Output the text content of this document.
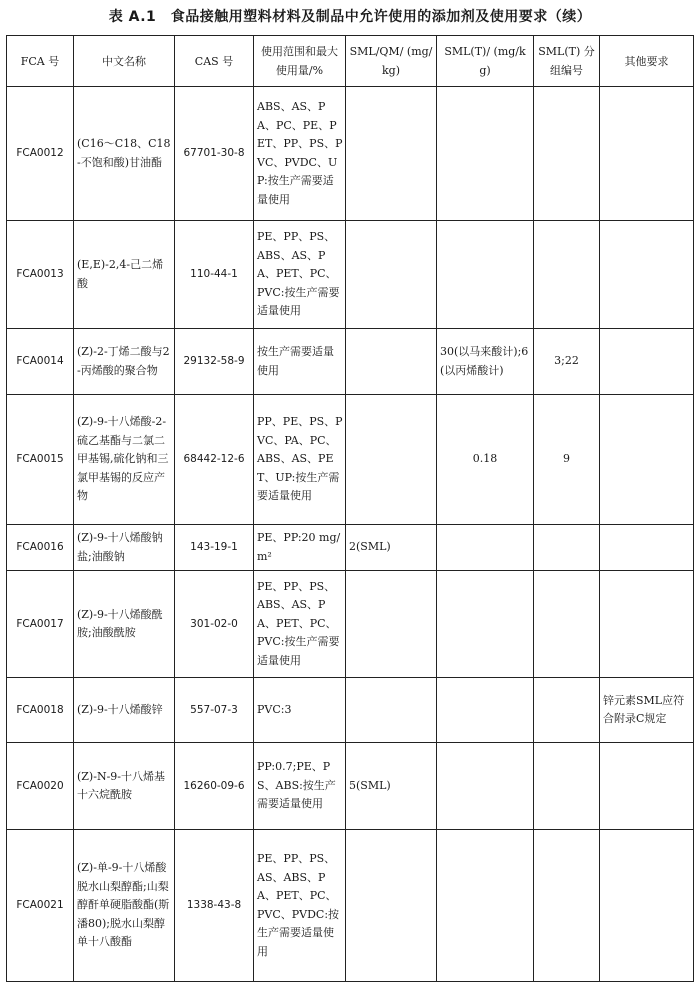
表 A.1　食品接触用塑料材料及制品中允许使用的添加剂及使用要求（续）
FCA 号	中文名称	CAS 号	使用范围和最大使用量/%	SML/QM/ (mg/kg)	SML(T)/ (mg/kg)	SML(T) 分组编号	其他要求
FCA0012	(C16～C18、C18-不饱和酸)甘油酯	67701-30-8	ABS、AS、PA、PC、PE、PET、PP、PS、PVC、PVDC、UP:按生产需要适量使用				
FCA0013	(E,E)-2,4-己二烯酸	110-44-1	PE、PP、PS、ABS、AS、PA、PET、PC、PVC:按生产需要适量使用				
FCA0014	(Z)-2-丁烯二酸与2-丙烯酸的聚合物	29132-58-9	按生产需要适量使用		30(以马来酸计);6(以丙烯酸计)	3;22	
FCA0015	(Z)-9-十八烯酸-2-硫乙基酯与二氯二甲基锡,硫化钠和三氯甲基锡的反应产物	68442-12-6	PP、PE、PS、PVC、PA、PC、ABS、AS、PET、UP:按生产需要适量使用		0.18	9	
FCA0016	(Z)-9-十八烯酸钠盐;油酸钠	143-19-1	PE、PP:20 mg/m²	2(SML)			
FCA0017	(Z)-9-十八烯酸酰胺;油酸酰胺	301-02-0	PE、PP、PS、ABS、AS、PA、PET、PC、PVC:按生产需要适量使用				
FCA0018	(Z)-9-十八烯酸锌	557-07-3	PVC:3				锌元素SML应符合附录C规定
FCA0020	(Z)-N-9-十八烯基十六烷酰胺	16260-09-6	PP:0.7;PE、PS、ABS:按生产需要适量使用	5(SML)			
FCA0021	(Z)-单-9-十八烯酸脱水山梨醇酯;山梨醇酐单硬脂酸酯(斯潘80);脱水山梨醇单十八酸酯	1338-43-8	PE、PP、PS、AS、ABS、PA、PET、PC、PVC、PVDC:按生产需要适量使用				
